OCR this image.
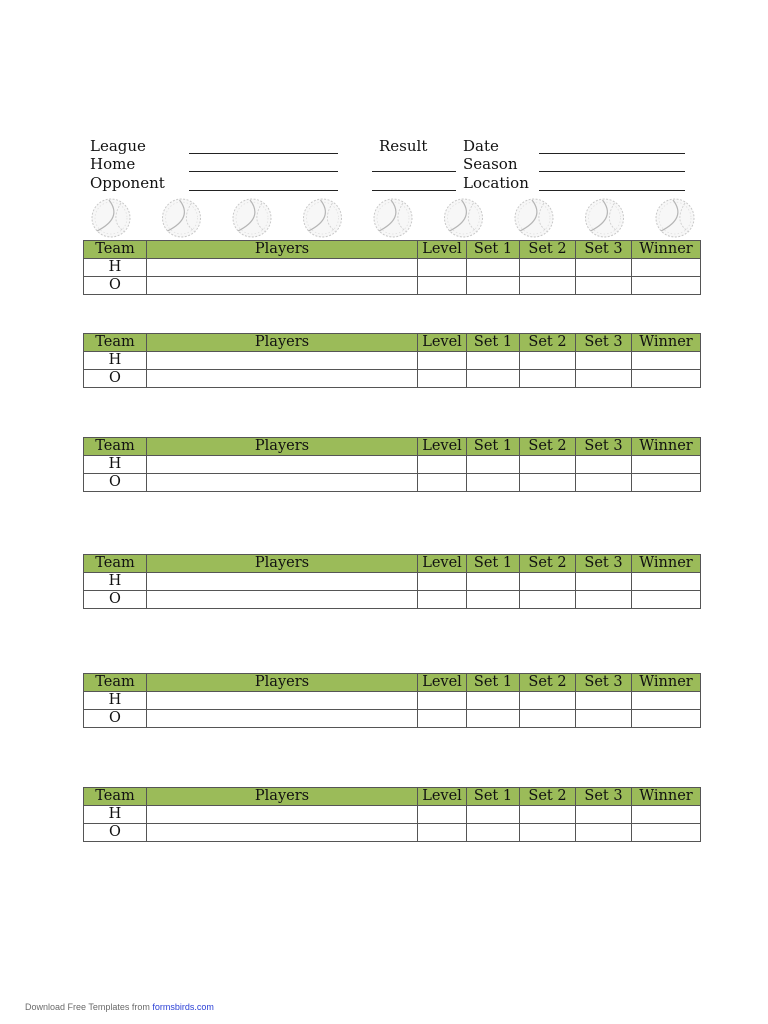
League
Home
Opponent
Result Date
Season
Location
Team	Players	Level	Set 1	Set 2	Set 3	Winner
H						
O						
Team	Players	Level	Set 1	Set 2	Set 3	Winner
H						
O						
Team	Players	Level	Set 1	Set 2	Set 3	Winner
H						
O						
Team	Players	Level	Set 1	Set 2	Set 3	Winner
H						
O						
Team	Players	Level	Set 1	Set 2	Set 3	Winner
H						
O						
Team	Players	Level	Set 1	Set 2	Set 3	Winner
H						
O						
Download Free Templates from formsbirds.com
